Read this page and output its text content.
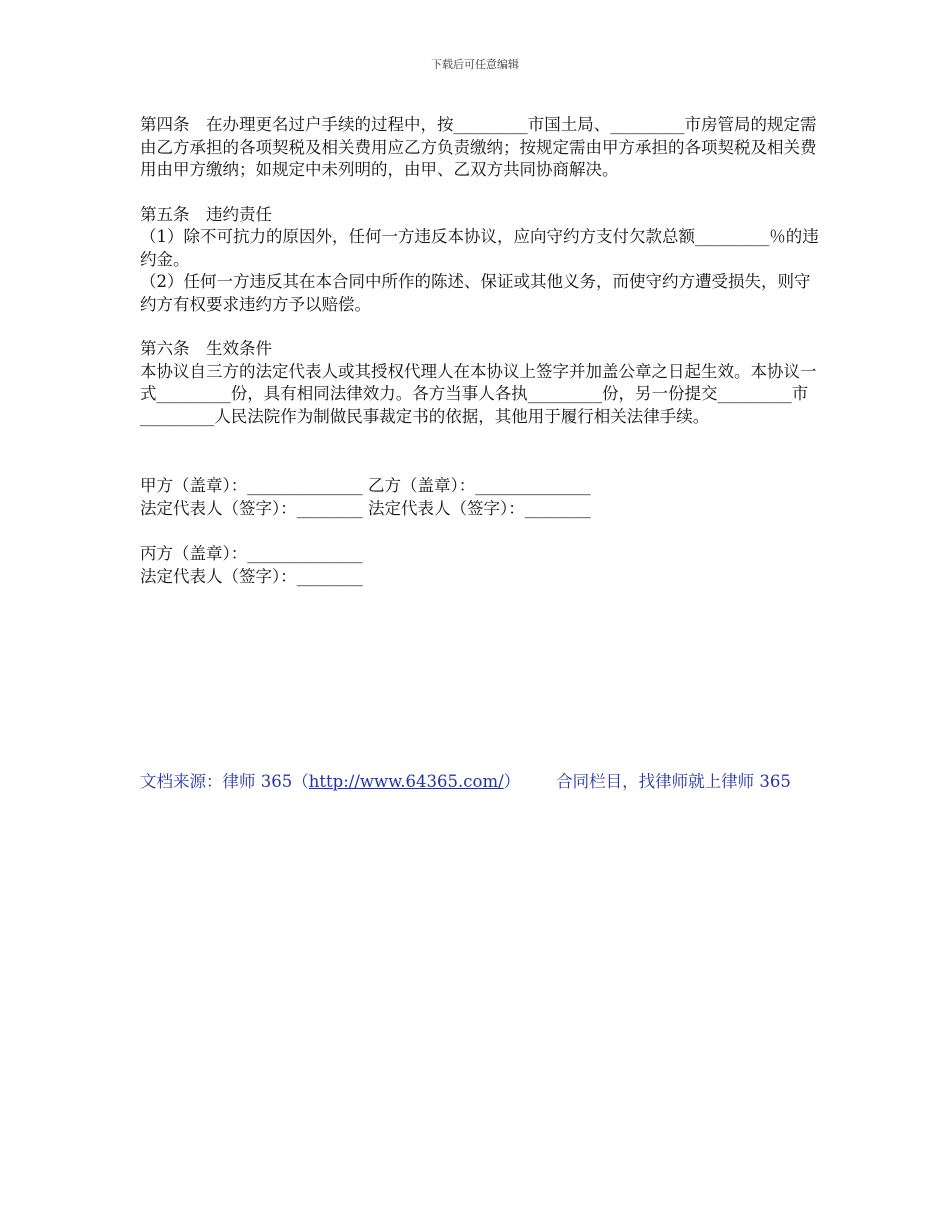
下载后可任意编辑

第四条　在办理更名过户手续的过程中，按_________市国土局、_________市房管局的规定需由乙方承担的各项契税及相关费用应乙方负责缴纳；按规定需由甲方承担的各项契税及相关费用由甲方缴纳；如规定中未列明的，由甲、乙双方共同协商解决。

第五条　违约责任

（1）除不可抗力的原因外，任何一方违反本协议，应向守约方支付欠款总额_________％的违约金。

（2）任何一方违反其在本合同中所作的陈述、保证或其他义务，而使守约方遭受损失，则守约方有权要求违约方予以赔偿。

第六条　生效条件

本协议自三方的法定代表人或其授权代理人在本协议上签字并加盖公章之日起生效。本协议一式_________份，具有相同法律效力。各方当事人各执_________份，另一份提交_________市_________人民法院作为制做民事裁定书的依据，其他用于履行相关法律手续。

甲方（盖章）：______________ 乙方（盖章）：______________

法定代表人（签字）：________ 法定代表人（签字）：________

丙方（盖章）：______________

法定代表人（签字）：________

文档来源：律师 365（http://www.64365.com/） 合同栏目，找律师就上律师 365
